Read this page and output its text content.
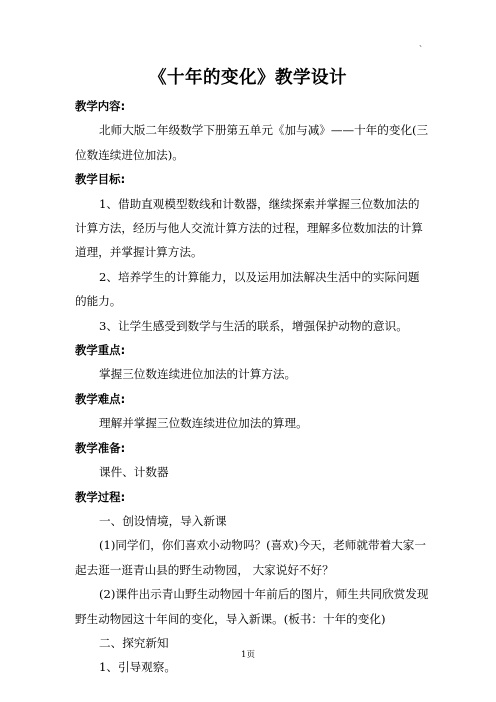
、
《十年的变化》教学设计

教学内容:

北师大版二年级数学下册第五单元《加与减》——十年的变化(三位数连续进位加法)。

教学目标:

1、借助直观模型数线和计数器，继续探索并掌握三位数加法的计算方法，经历与他人交流计算方法的过程，理解多位数加法的计算道理，并掌握计算方法。

2、培养学生的计算能力，以及运用加法解决生活中的实际问题的能力。

3、让学生感受到数学与生活的联系，增强保护动物的意识。

教学重点:

掌握三位数连续进位加法的计算方法。

教学难点:

理解并掌握三位数连续进位加法的算理。

教学准备:

课件、计数器

教学过程:

一、创设情境，导入新课

(1)同学们，你们喜欢小动物吗？(喜欢)今天，老师就带着大家一起去逛一逛青山县的野生动物园， 大家说好不好？

(2)课件出示青山野生动物园十年前后的图片，师生共同欣赏发现野生动物园这十年间的变化，导入新课。(板书：十年的变化)

二、探究新知

1、引导观察。

1页
